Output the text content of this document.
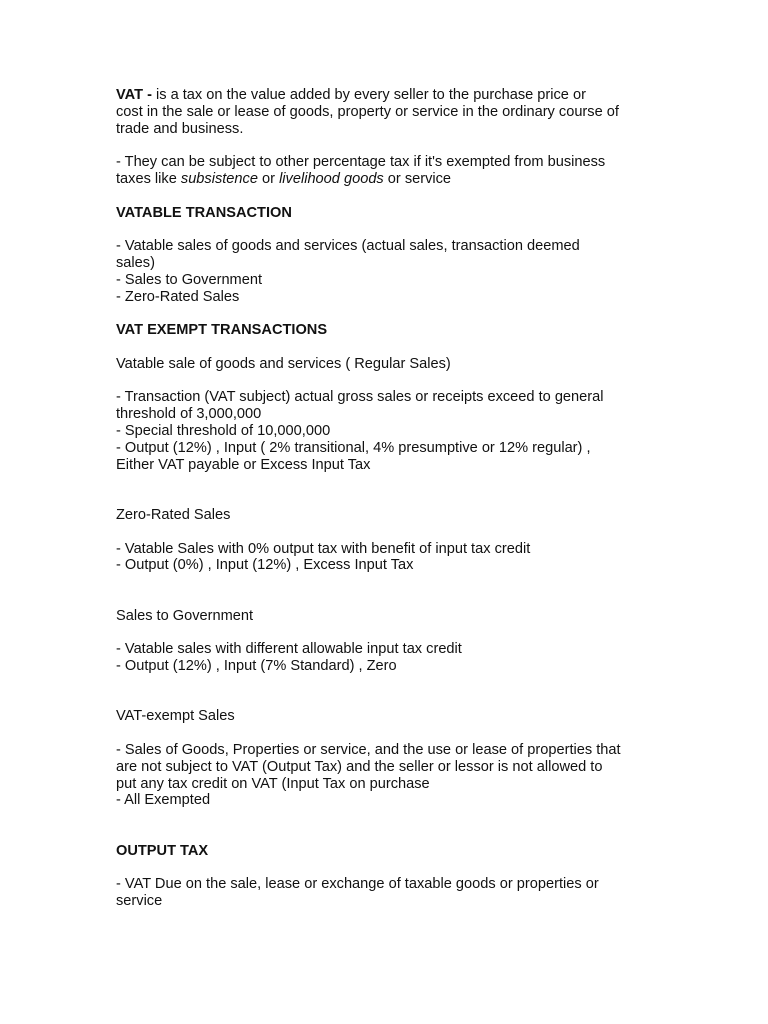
VAT - is a tax on the value added by every seller to the purchase price or
cost in the sale or lease of goods, property or service in the ordinary course of
trade and business.

- They can be subject to other percentage tax if it's exempted from business
taxes like subsistence or livelihood goods or service

VATABLE TRANSACTION

- Vatable sales of goods and services (actual sales, transaction deemed
sales)
- Sales to Government
- Zero-Rated Sales

VAT EXEMPT TRANSACTIONS

Vatable sale of goods and services ( Regular Sales)

- Transaction (VAT subject) actual gross sales or receipts exceed to general
threshold of 3,000,000
- Special threshold of 10,000,000
- Output (12%) , Input ( 2% transitional, 4% presumptive or 12% regular) ,
Either VAT payable or Excess Input Tax

Zero-Rated Sales

- Vatable Sales with 0% output tax with benefit of input tax credit
- Output (0%) , Input (12%) , Excess Input Tax

Sales to Government

- Vatable sales with different allowable input tax credit
- Output (12%) , Input (7% Standard) , Zero

VAT-exempt Sales

- Sales of Goods, Properties or service, and the use or lease of properties that
are not subject to VAT (Output Tax) and the seller or lessor is not allowed to
put any tax credit on VAT (Input Tax on purchase
- All Exempted

OUTPUT TAX

- VAT Due on the sale, lease or exchange of taxable goods or properties or
service
